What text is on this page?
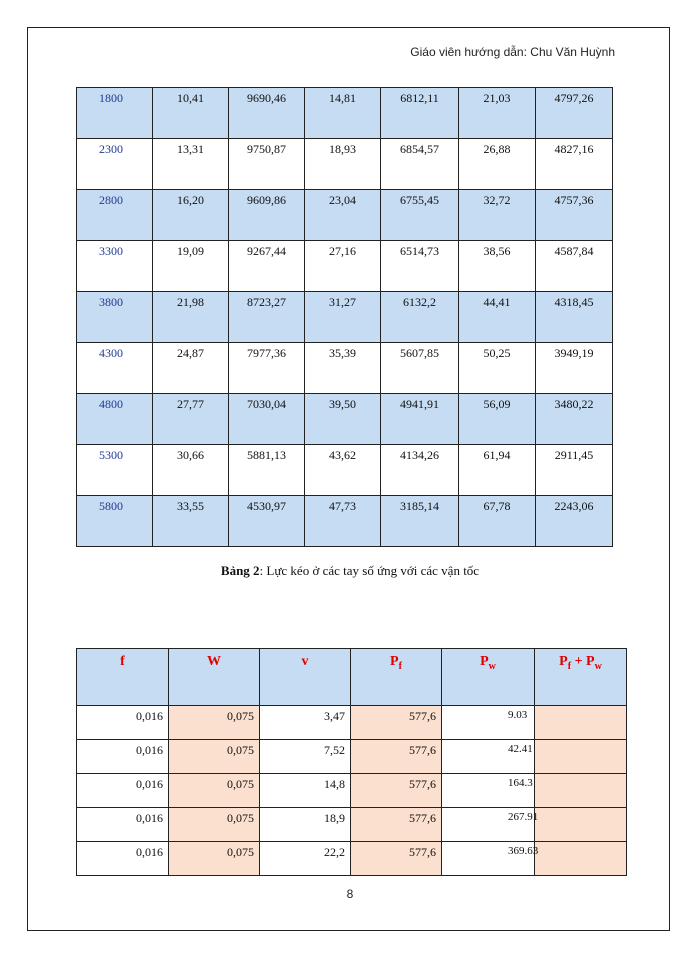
Giáo viên hướng dẫn: Chu Văn Huỳnh
1800	10,41	9690,46	14,81	6812,11	21,03	4797,26
2300	13,31	9750,87	18,93	6854,57	26,88	4827,16
2800	16,20	9609,86	23,04	6755,45	32,72	4757,36
3300	19,09	9267,44	27,16	6514,73	38,56	4587,84
3800	21,98	8723,27	31,27	6132,2	44,41	4318,45
4300	24,87	7977,36	35,39	5607,85	50,25	3949,19
4800	27,77	7030,04	39,50	4941,91	56,09	3480,22
5300	30,66	5881,13	43,62	4134,26	61,94	2911,45
5800	33,55	4530,97	47,73	3185,14	67,78	2243,06
Bảng 2: Lực kéo ở các tay số ứng với các vận tốc
f	W	v	$P_f$	$P_w$	$P_f + P_w$
0,016	0,075	3,47	577,6	9.03	
0,016	0,075	7,52	577,6	42.41	
0,016	0,075	14,8	577,6	164.3	
0,016	0,075	18,9	577,6	267.91	
0,016	0,075	22,2	577,6	369.63	
8
